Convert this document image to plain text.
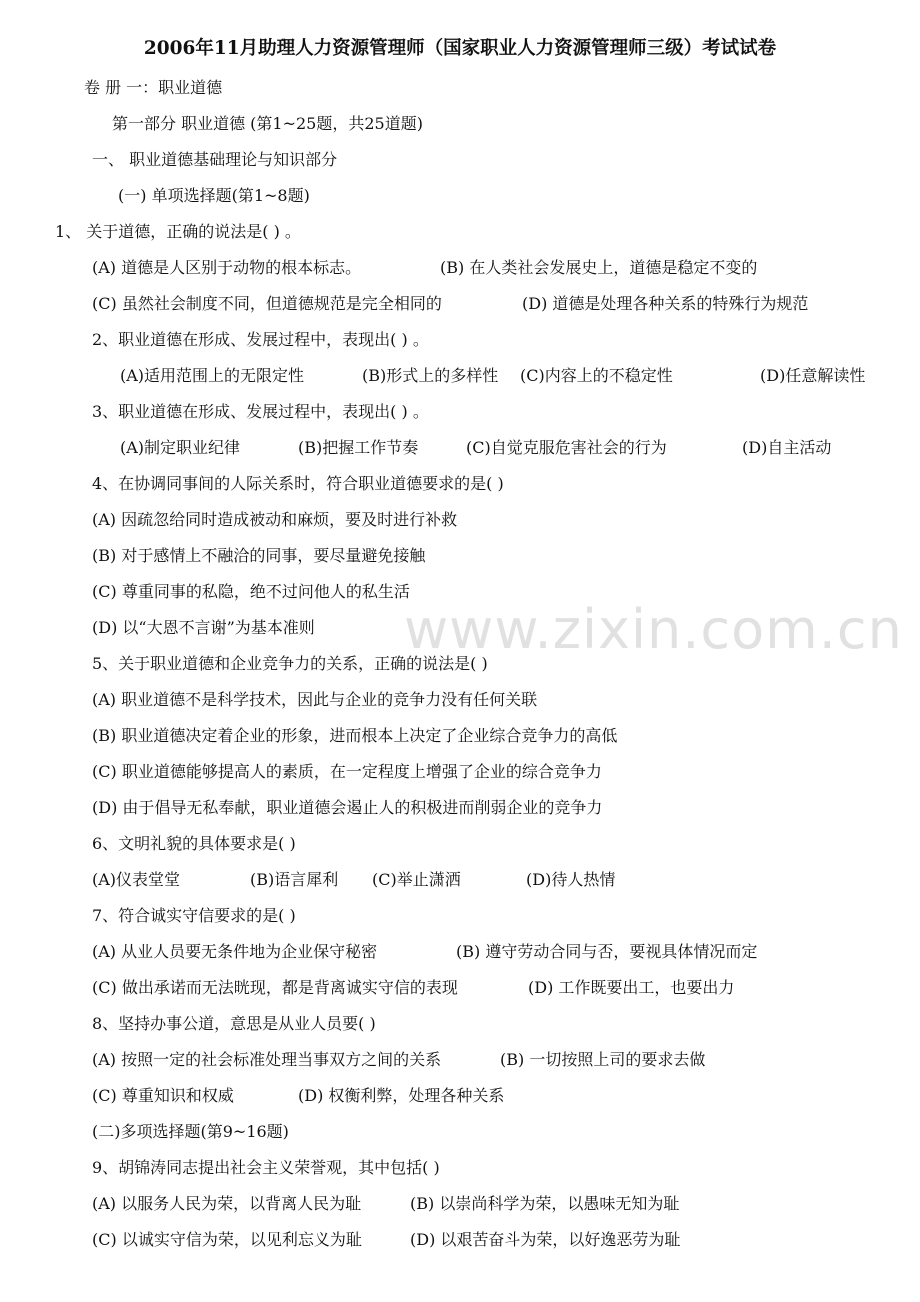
2006年11月助理人力资源管理师（国家职业人力资源管理师三级）考试试卷
卷 册 一：职业道德
第一部分 职业道德 (第1~25题，共25道题)
一、 职业道德基础理论与知识部分
(一) 单项选择题(第1~8题)
1、 关于道德，正确的说法是( ) 。
(A) 道德是人区别于动物的根本标志。	(B) 在人类社会发展史上，道德是稳定不变的
(C) 虽然社会制度不同，但道德规范是完全相同的	(D) 道德是处理各种关系的特殊行为规范
2、职业道德在形成、发展过程中，表现出( ) 。
(A)适用范围上的无限定性	(B)形式上的多样性 (C)内容上的不稳定性	(D)任意解读性
3、职业道德在形成、发展过程中，表现出( ) 。
(A)制定职业纪律	(B)把握工作节奏	(C)自觉克服危害社会的行为	(D)自主活动
4、在协调同事间的人际关系时，符合职业道德要求的是( )
(A) 因疏忽给同时造成被动和麻烦，要及时进行补救
(B) 对于感情上不融洽的同事，要尽量避免接触
(C) 尊重同事的私隐，绝不过问他人的私生活
(D) 以“大恩不言谢”为基本准则
5、关于职业道德和企业竞争力的关系，正确的说法是( )
(A) 职业道德不是科学技术，因此与企业的竞争力没有任何关联
(B) 职业道德决定着企业的形象，进而根本上决定了企业综合竞争力的高低
(C) 职业道德能够提高人的素质，在一定程度上增强了企业的综合竞争力
(D) 由于倡导无私奉献，职业道德会遏止人的积极进而削弱企业的竞争力
6、文明礼貌的具体要求是( )
(A)仪表堂堂	(B)语言犀利 (C)举止潇洒	(D)待人热情
7、符合诚实守信要求的是( )
(A) 从业人员要无条件地为企业保守秘密	(B) 遵守劳动合同与否，要视具体情况而定
(C) 做出承诺而无法晄现，都是背离诚实守信的表现	(D) 工作既要出工，也要出力
8、坚持办事公道，意思是从业人员要( )
(A) 按照一定的社会标准处理当事双方之间的关系	(B) 一切按照上司的要求去做
(C) 尊重知识和权威	(D) 权衡利弊，处理各种关系
(二)多项选择题(第9~16题)
9、胡锦涛同志提出社会主义荣誉观，其中包括( )
(A) 以服务人民为荣，以背离人民为耻	(B) 以崇尚科学为荣，以愚味无知为耻
(C) 以诚实守信为荣，以见利忘义为耻	(D) 以艰苦奋斗为荣，以好逸恶劳为耻
www.zixin.com.cn
